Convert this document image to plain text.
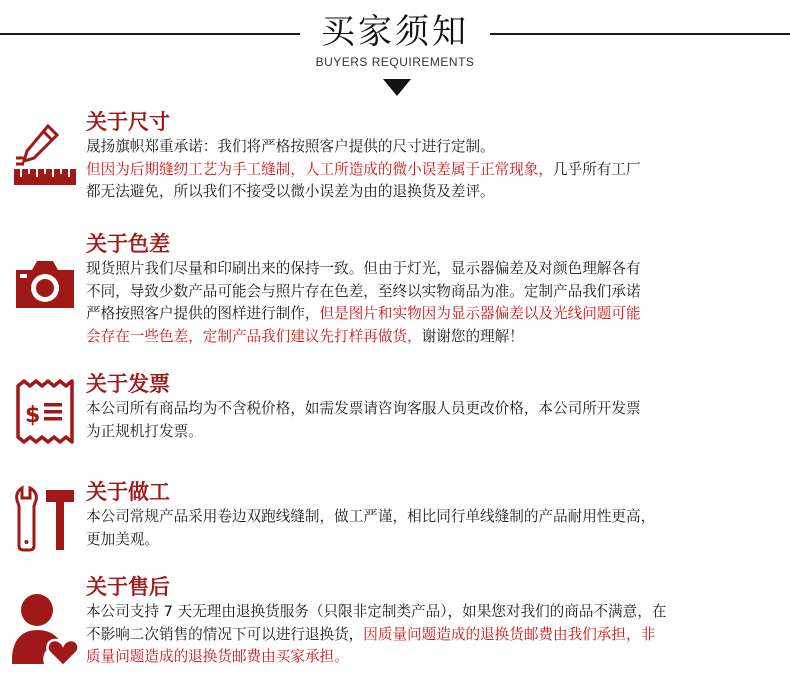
买家须知
BUYERS REQUIREMENTS
关于尺寸
晟扬旗帜郑重承诺：我们将严格按照客户提供的尺寸进行定制。
但因为后期缝纫工艺为手工缝制，人工所造成的微小误差属于正常现象，几乎所有工厂
都无法避免，所以我们不接受以微小误差为由的退换货及差评。
关于色差
现货照片我们尽量和印刷出来的保持一致。但由于灯光，显示器偏差及对颜色理解各有
不同，导致少数产品可能会与照片存在色差，至终以实物商品为准。定制产品我们承诺
严格按照客户提供的图样进行制作，但是图片和实物因为显示器偏差以及光线问题可能
会存在一些色差，定制产品我们建议先打样再做货，谢谢您的理解！
$
关于发票
本公司所有商品均为不含税价格，如需发票请咨询客服人员更改价格，本公司所开发票
为正规机打发票。
关于做工
本公司常规产品采用卷边双跑线缝制，做工严谨，相比同行单线缝制的产品耐用性更高，
更加美观。
关于售后
本公司支持 7 天无理由退换货服务（只限非定制类产品），如果您对我们的商品不满意，在
不影响二次销售的情况下可以进行退换货，因质量问题造成的退换货邮费由我们承担，非
质量问题造成的退换货邮费由买家承担。
